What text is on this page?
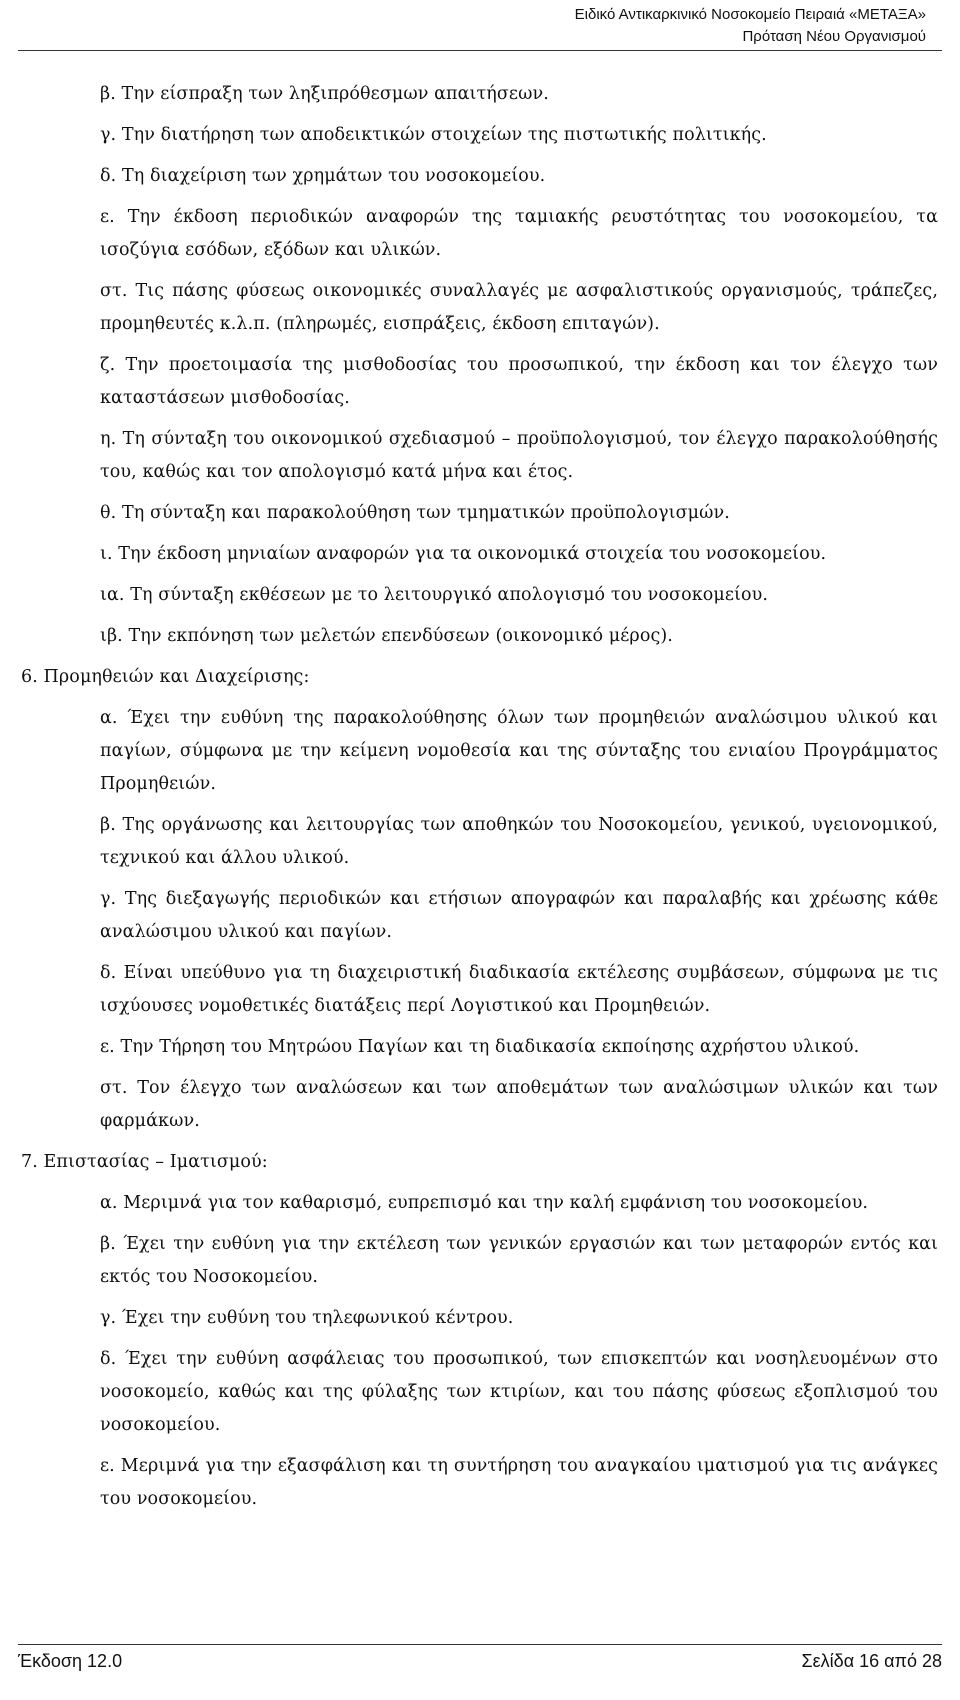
Ειδικό Αντικαρκινικό Νοσοκομείο Πειραιά «ΜΕΤΑΞΑ»
Πρόταση Νέου Οργανισμού
β. Την είσπραξη των ληξιπρόθεσμων απαιτήσεων.
γ. Την διατήρηση των αποδεικτικών στοιχείων της πιστωτικής πολιτικής.
δ. Τη διαχείριση των χρημάτων του νοσοκομείου.
ε. Την έκδοση περιοδικών αναφορών της ταμιακής ρευστότητας του νοσοκομείου, τα ισοζύγια εσόδων, εξόδων και υλικών.
στ. Τις πάσης φύσεως οικονομικές συναλλαγές με ασφαλιστικούς οργανισμούς, τράπεζες, προμηθευτές κ.λ.π. (πληρωμές, εισπράξεις, έκδοση επιταγών).
ζ. Την προετοιμασία της μισθοδοσίας του προσωπικού, την έκδοση και τον έλεγχο των καταστάσεων μισθοδοσίας.
η. Τη σύνταξη του οικονομικού σχεδιασμού – προϋπολογισμού, τον έλεγχο παρακολούθησής του, καθώς και τον απολογισμό κατά μήνα και έτος.
θ. Τη σύνταξη και παρακολούθηση των τμηματικών προϋπολογισμών.
ι. Την έκδοση μηνιαίων αναφορών για τα οικονομικά στοιχεία του νοσοκομείου.
ια. Τη σύνταξη εκθέσεων με το λειτουργικό απολογισμό του νοσοκομείου.
ιβ. Την εκπόνηση των μελετών επενδύσεων (οικονομικό μέρος).
6. Προμηθειών και Διαχείρισης:
α. Έχει την ευθύνη της παρακολούθησης όλων των προμηθειών αναλώσιμου υλικού και παγίων, σύμφωνα με την κείμενη νομοθεσία και της σύνταξης του ενιαίου Προγράμματος Προμηθειών.
β. Της οργάνωσης και λειτουργίας των αποθηκών του Νοσοκομείου, γενικού, υγειονομικού, τεχνικού και άλλου υλικού.
γ. Της διεξαγωγής περιοδικών και ετήσιων απογραφών και παραλαβής και χρέωσης κάθε αναλώσιμου υλικού και παγίων.
δ. Είναι υπεύθυνο για τη διαχειριστική διαδικασία εκτέλεσης συμβάσεων, σύμφωνα με τις ισχύουσες νομοθετικές διατάξεις περί Λογιστικού και Προμηθειών.
ε. Την Τήρηση του Μητρώου Παγίων και τη διαδικασία εκποίησης αχρήστου υλικού.
στ. Τον έλεγχο των αναλώσεων και των αποθεμάτων των αναλώσιμων υλικών και των φαρμάκων.
7. Επιστασίας – Ιματισμού:
α. Μεριμνά για τον καθαρισμό, ευπρεπισμό και την καλή εμφάνιση του νοσοκομείου.
β. Έχει την ευθύνη για την εκτέλεση των γενικών εργασιών και των μεταφορών εντός και εκτός του Νοσοκομείου.
γ. Έχει την ευθύνη του τηλεφωνικού κέντρου.
δ. Έχει την ευθύνη ασφάλειας του προσωπικού, των επισκεπτών και νοσηλευομένων στο νοσοκομείο, καθώς και της φύλαξης των κτιρίων, και του πάσης φύσεως εξοπλισμού του νοσοκομείου.
ε. Μεριμνά για την εξασφάλιση και τη συντήρηση του αναγκαίου ιματισμού για τις ανάγκες του νοσοκομείου.
Έκδοση 12.0	Σελίδα 16 από 28
